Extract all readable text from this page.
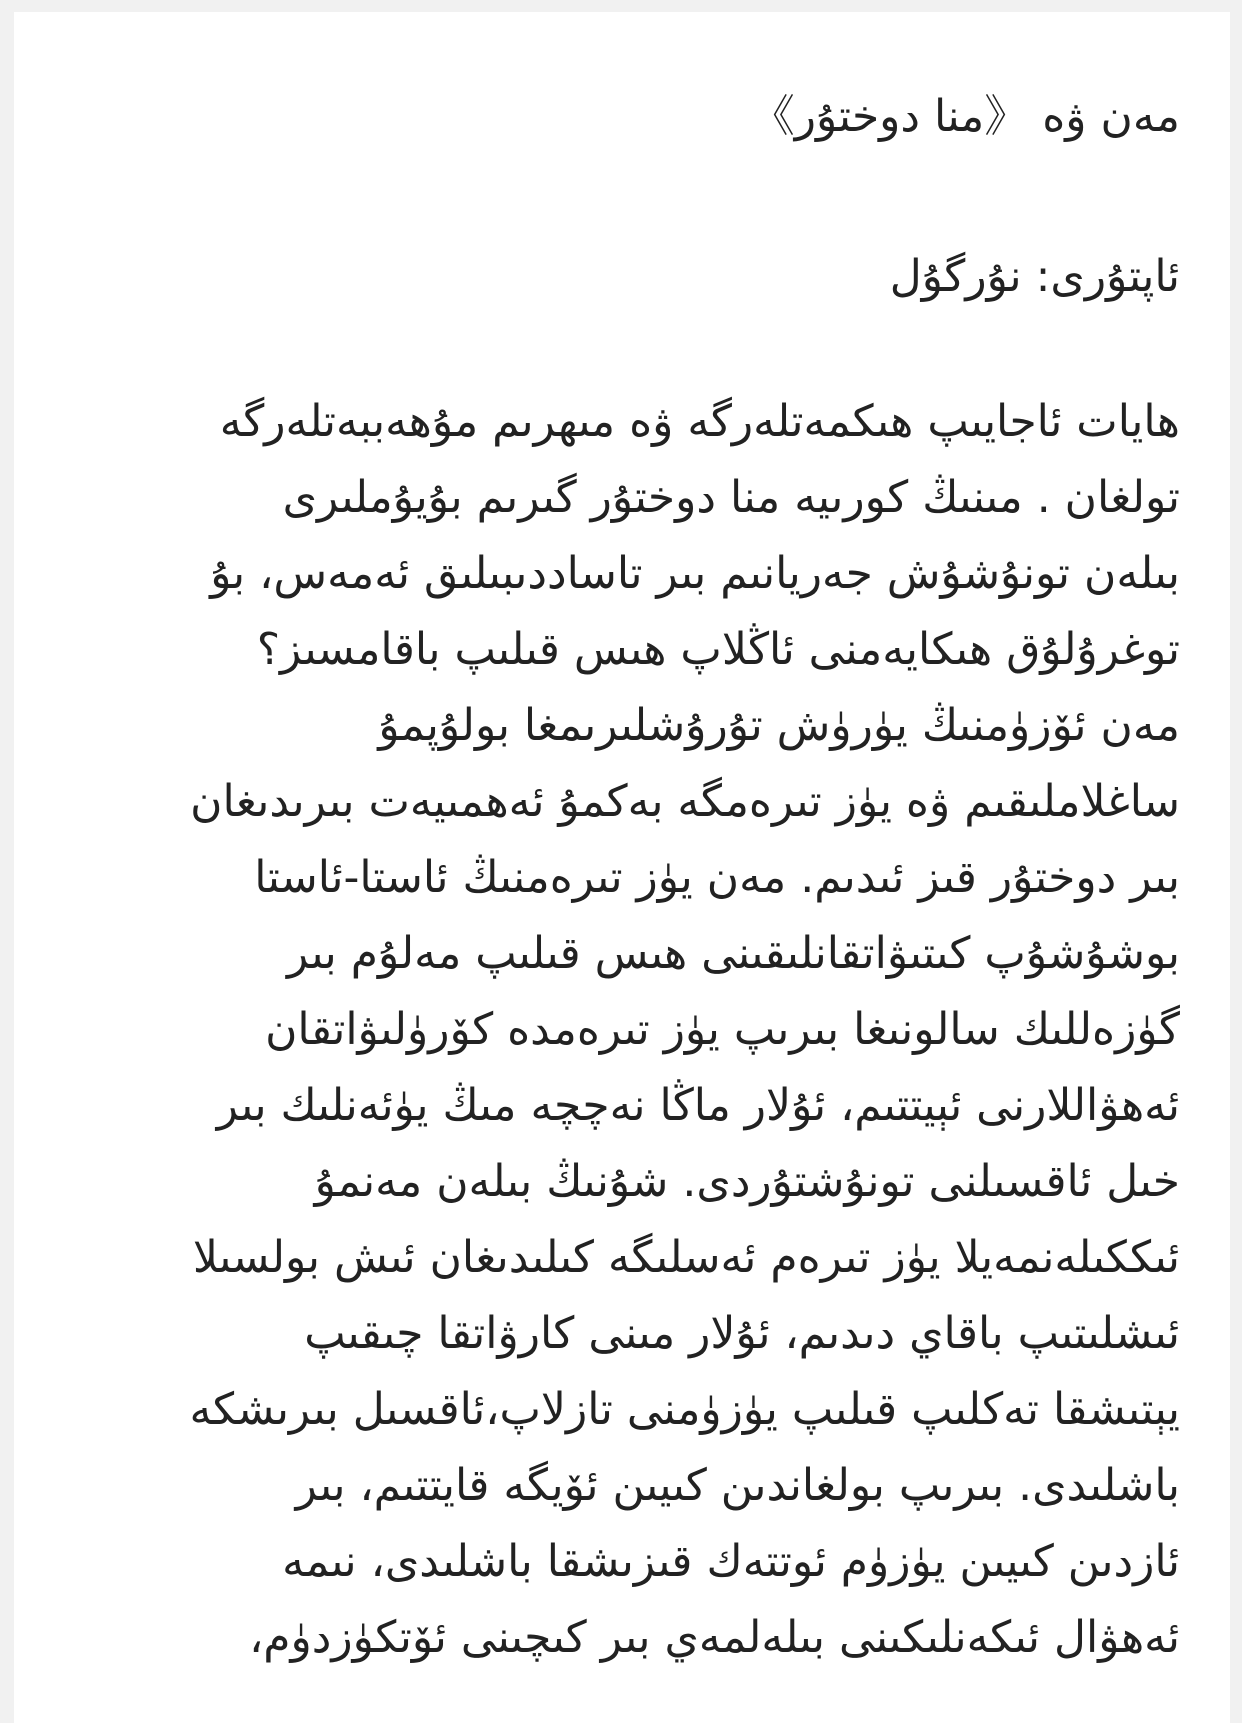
مەن ۋە 《منا دوختۇر》
ئاپتۇرى: نۇرگۇل
هايات ئاجايىپ ھىكمەتلەرگە ۋە مىھرىم مۇھەببەتلەرگە
تولغان . مىنىڭ كورىيە منا دوختۇر گىرىم بۇيۇملىرى
بىلەن تونۇشۇش جەريانىم بىر تاساددىبىلىق ئەمەس، بۇ
توغرۇلۇق ھىكايەمنى ئاڭلاپ ھىس قىلىپ باقامسىز؟
مەن ئۆزۈمنىڭ يۈرۈش تۇرۇشلىرىمغا بولۇپمۇ
ساغلاملىقىم ۋە يۈز تىرەمگە بەكمۇ ئەھمىيەت بىرىدىغان
بىر دوختۇر قىز ئىدىم. مەن يۈز تىرەمنىڭ ئاستا-ئاستا
بوشۇشۇپ كىتىۋاتقانلىقىنى ھىس قىلىپ مەلۇم بىر
گۈزەللىك سالونىغا بىرىپ يۈز تىرەمدە كۆرۈلىۋاتقان
ئەھۋاللارنى ئېيتتىم، ئۇلار ماڭا نەچچە مىڭ يۈئەنلىك بىر
خىل ئاقسىلنى تونۇشتۇردى. شۇنىڭ بىلەن مەنمۇ
ئىككىلەنمەيلا يۈز تىرەم ئەسلىگە كىلىدىغان ئىش بولسىلا
ئىشلىتىپ باقاي دىدىم، ئۇلار مىنى كارۋاتقا چىقىپ
يېتىشقا تەكلىپ قىلىپ يۈزۈمنى تازلاپ،ئاقسىل بىرىشكە
باشلىدى. بىرىپ بولغاندىن كىيىن ئۆيگە قايتتىم، بىر
ئازدىن كىيىن يۈزۈم ئوتتەك قىزىشقا باشلىدى، نىمە
ئەھۋال ئىكەنلىكىنى بىلەلمەي بىر كىچىنى ئۆتكۈزدۈم،
